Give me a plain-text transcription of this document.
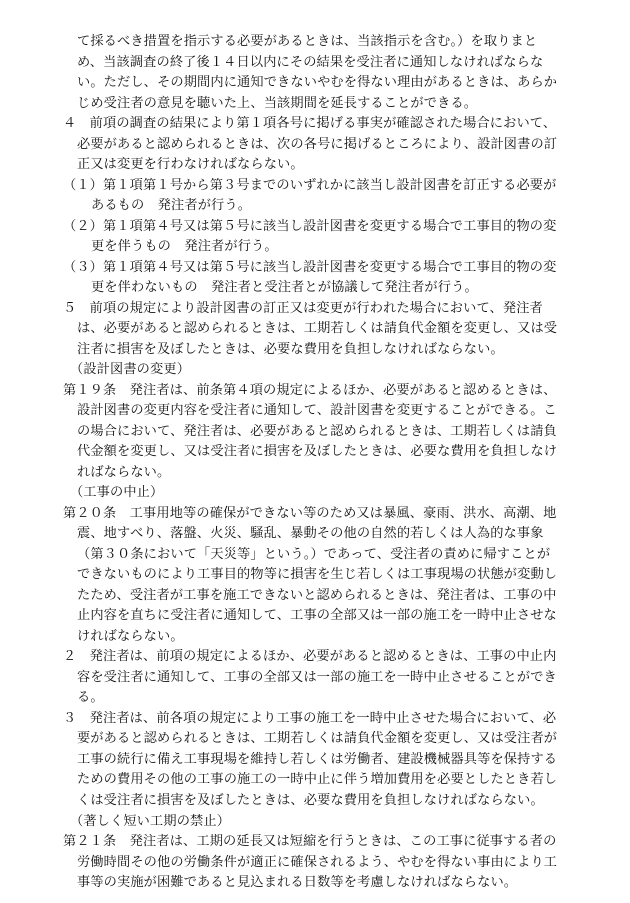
て採るべき措置を指示する必要があるときは、当該指示を含む。）を取りまと
め、当該調査の終了後１４日以内にその結果を受注者に通知しなければならな
い。ただし、その期間内に通知できないやむを得ない理由があるときは、あらか
じめ受注者の意見を聴いた上、当該期間を延長することができる。
４　前項の調査の結果により第１項各号に掲げる事実が確認された場合において、
必要があると認められるときは、次の各号に掲げるところにより、設計図書の訂
正又は変更を行わなければならない。
（１）第１項第１号から第３号までのいずれかに該当し設計図書を訂正する必要が
あるもの　発注者が行う。
（２）第１項第４号又は第５号に該当し設計図書を変更する場合で工事目的物の変
更を伴うもの　発注者が行う。
（３）第１項第４号又は第５号に該当し設計図書を変更する場合で工事目的物の変
更を伴わないもの　発注者と受注者とが協議して発注者が行う。
５　前項の規定により設計図書の訂正又は変更が行われた場合において、発注者
は、必要があると認められるときは、工期若しくは請負代金額を変更し、又は受
注者に損害を及ぼしたときは、必要な費用を負担しなければならない。
（設計図書の変更）
第１９条　発注者は、前条第４項の規定によるほか、必要があると認めるときは、
設計図書の変更内容を受注者に通知して、設計図書を変更することができる。こ
の場合において、発注者は、必要があると認められるときは、工期若しくは請負
代金額を変更し、又は受注者に損害を及ぼしたときは、必要な費用を負担しなけ
ればならない。
（工事の中止）
第２０条　工事用地等の確保ができない等のため又は暴風、豪雨、洪水、高潮、地
震、地すべり、落盤、火災、騒乱、暴動その他の自然的若しくは人為的な事象
（第３０条において「天災等」という。）であって、受注者の責めに帰すことが
できないものにより工事目的物等に損害を生じ若しくは工事現場の状態が変動し
たため、受注者が工事を施工できないと認められるときは、発注者は、工事の中
止内容を直ちに受注者に通知して、工事の全部又は一部の施工を一時中止させな
ければならない。
２　発注者は、前項の規定によるほか、必要があると認めるときは、工事の中止内
容を受注者に通知して、工事の全部又は一部の施工を一時中止させることができ
る。
３　発注者は、前各項の規定により工事の施工を一時中止させた場合において、必
要があると認められるときは、工期若しくは請負代金額を変更し、又は受注者が
工事の続行に備え工事現場を維持し若しくは労働者、建設機械器具等を保持する
ための費用その他の工事の施工の一時中止に伴う増加費用を必要としたとき若し
くは受注者に損害を及ぼしたときは、必要な費用を負担しなければならない。
（著しく短い工期の禁止）
第２１条　発注者は、工期の延長又は短縮を行うときは、この工事に従事する者の
労働時間その他の労働条件が適正に確保されるよう、やむを得ない事由により工
事等の実施が困難であると見込まれる日数等を考慮しなければならない。
